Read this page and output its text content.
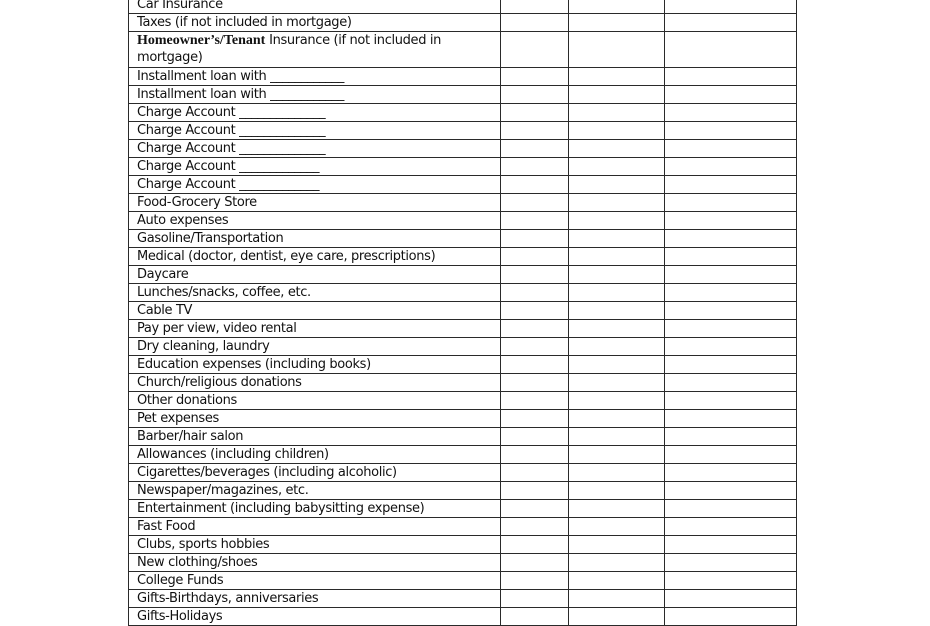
Car Insurance			
Taxes (if not included in mortgage)			
Homeowner’s/Tenant Insurance (if not included in mortgage)			
Installment loan with ____________			
Installment loan with ____________			
Charge Account ______________			
Charge Account ______________			
Charge Account ______________			
Charge Account _____________			
Charge Account _____________			
Food-Grocery Store			
Auto expenses			
Gasoline/Transportation			
Medical (doctor, dentist, eye care, prescriptions)			
Daycare			
Lunches/snacks, coffee, etc.			
Cable TV			
Pay per view, video rental			
Dry cleaning, laundry			
Education expenses (including books)			
Church/religious donations			
Other donations			
Pet expenses			
Barber/hair salon			
Allowances (including children)			
Cigarettes/beverages (including alcoholic)			
Newspaper/magazines, etc.			
Entertainment (including babysitting expense)			
Fast Food			
Clubs, sports hobbies			
New clothing/shoes			
College Funds			
Gifts-Birthdays, anniversaries			
Gifts-Holidays			
